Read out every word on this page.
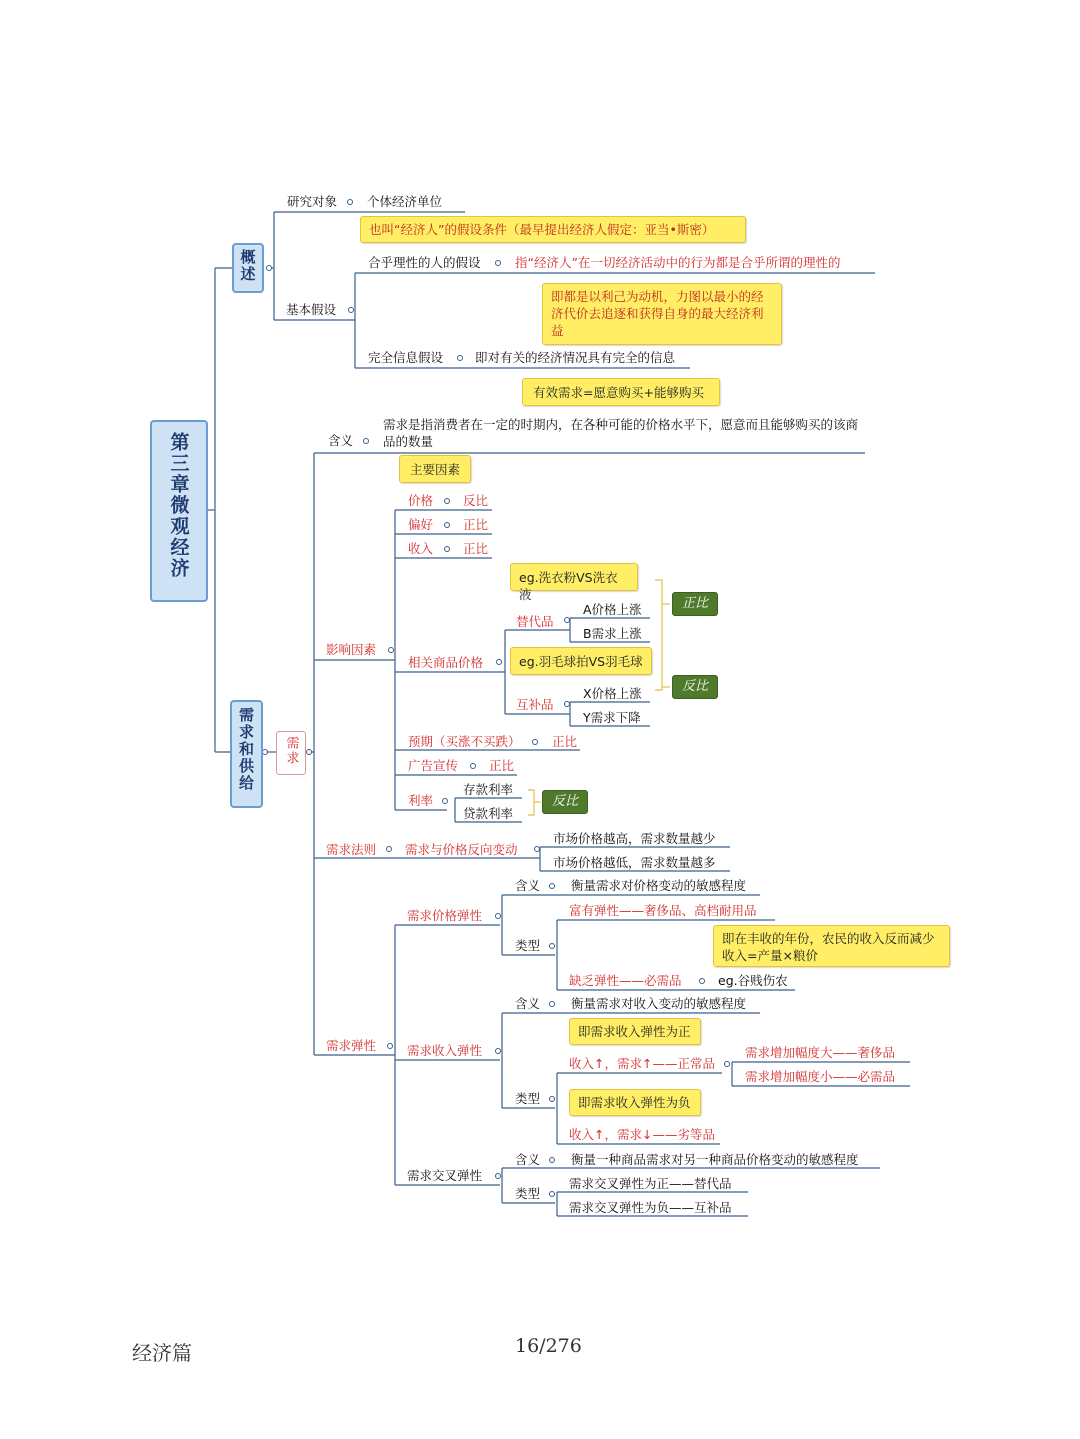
第三章微观经济
概述
研究对象 个体经济单位
基本假设
也叫“经济人”的假设条件（最早提出经济人假定：亚当•斯密）
合乎理性的人的假设	指“经济人”在一切经济活动中的行为都是合乎所谓的理性的
即都是以利己为动机，力图以最小的经济代价去追逐和获得自身的最大经济利益
完全信息假设	即对有关的经济情况具有完全的信息
需求和供给	需求
有效需求=愿意购买+能够购买
含义
需求是指消费者在一定的时期内，在各种可能的价格水平下，愿意而且能够购买的该商品的数量
影响因素
主要因素
价格 反比
偏好 正比
收入 正比
相关商品价格
eg.洗衣粉VS洗衣液
替代品
A价格上涨
B需求上涨
正比
eg.羽毛球拍VS羽毛球
互补品
X价格上涨
Y需求下降
反比
预期（买涨不买跌）	正比
广告宣传 正比
利率
存款利率
贷款利率
反比
需求法则 需求与价格反向变动
市场价格越高，需求数量越少
市场价格越低，需求数量越多
需求弹性
需求价格弹性
含义 衡量需求对价格变动的敏感程度
类型
富有弹性——奢侈品、高档耐用品
即在丰收的年份，农民的收入反而减少 收入=产量×粮价
缺乏弹性——必需品	eg.谷贱伤农
需求收入弹性
含义 衡量需求对收入变动的敏感程度
即需求收入弹性为正
收入↑，需求↑——正常品
需求增加幅度大——奢侈品
需求增加幅度小——必需品
类型	即需求收入弹性为负
收入↑，需求↓——劣等品
需求交叉弹性
含义 衡量一种商品需求对另一种商品价格变动的敏感程度
类型
需求交叉弹性为正——替代品
需求交叉弹性为负——互补品
经济篇	16/276
